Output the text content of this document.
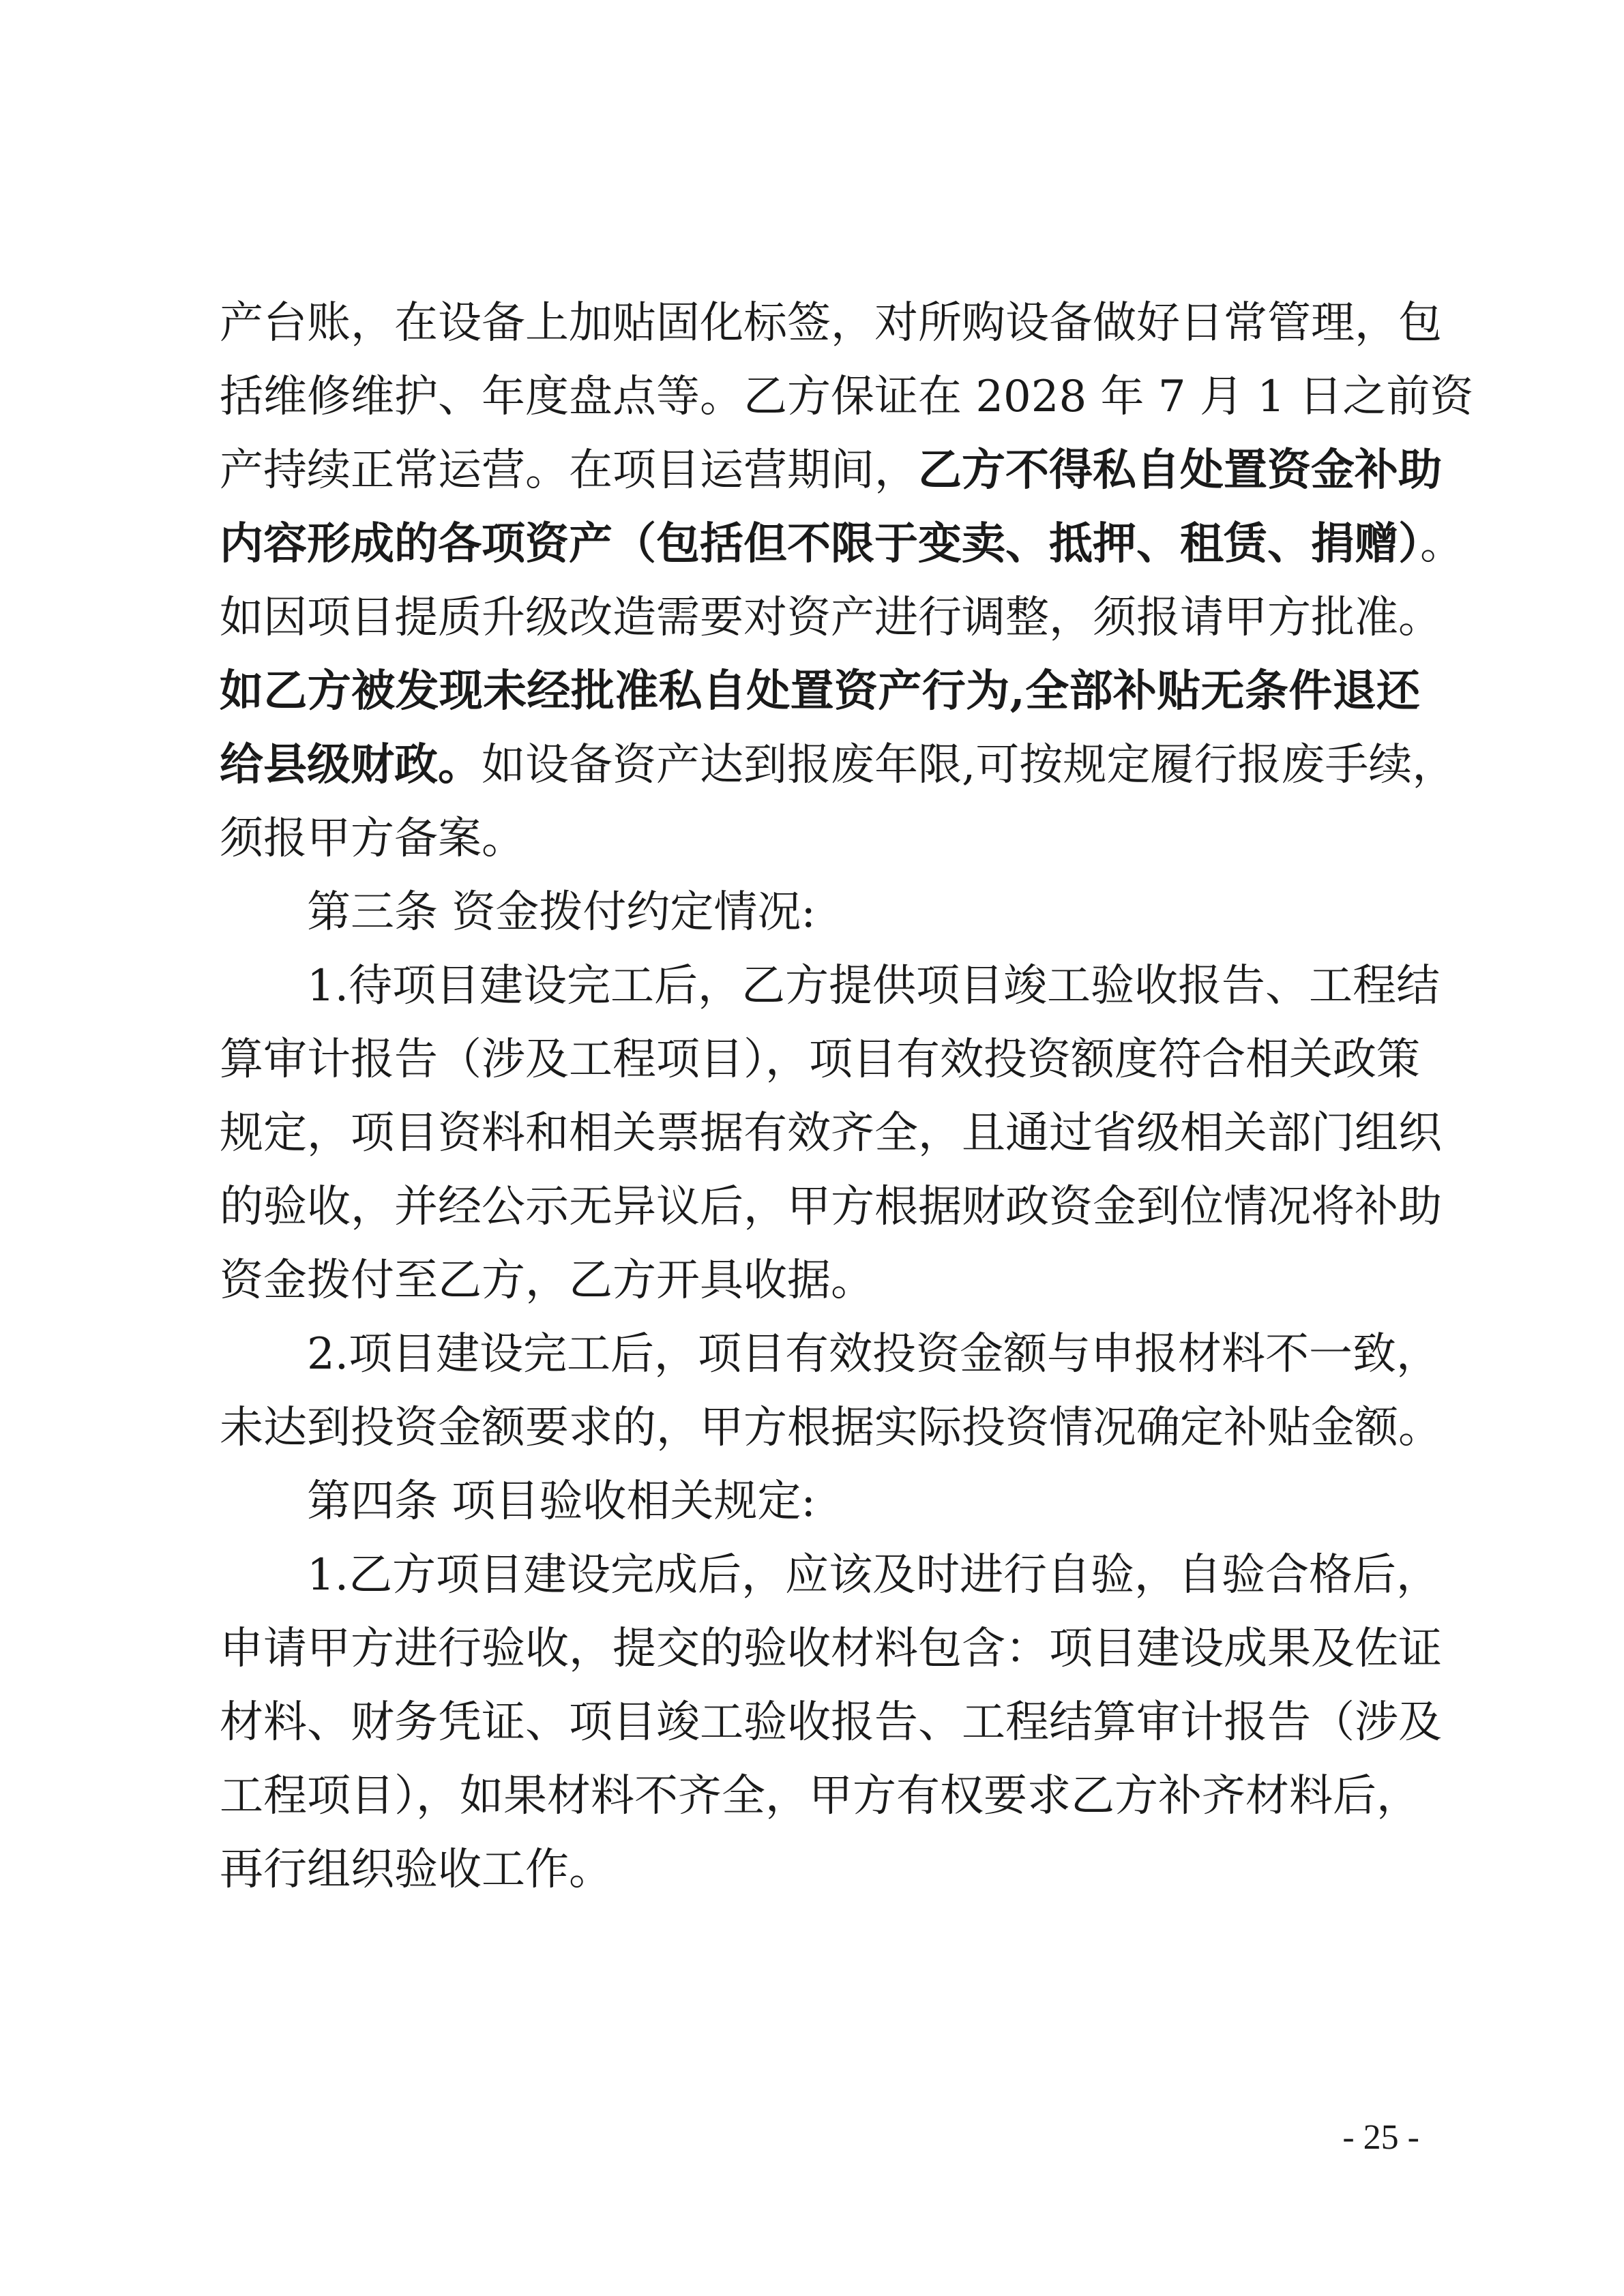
产台账，在设备上加贴固化标签，对所购设备做好日常管理，包
括维修维护、年度盘点等。乙方保证在 2028 年 7 月 1 日之前资
产持续正常运营。在项目运营期间，乙方不得私自处置资金补助
内容形成的各项资产（包括但不限于变卖、抵押、租赁、捐赠）。
如因项目提质升级改造需要对资产进行调整，须报请甲方批准。
如乙方被发现未经批准私自处置资产行为,全部补贴无条件退还
给县级财政。如设备资产达到报废年限,可按规定履行报废手续，
须报甲方备案。
第三条 资金拨付约定情况:
1.待项目建设完工后，乙方提供项目竣工验收报告、工程结
算审计报告（涉及工程项目），项目有效投资额度符合相关政策
规定，项目资料和相关票据有效齐全，且通过省级相关部门组织
的验收，并经公示无异议后，甲方根据财政资金到位情况将补助
资金拨付至乙方，乙方开具收据。
2.项目建设完工后，项目有效投资金额与申报材料不一致，
未达到投资金额要求的，甲方根据实际投资情况确定补贴金额。
第四条 项目验收相关规定:
1.乙方项目建设完成后，应该及时进行自验，自验合格后，
申请甲方进行验收，提交的验收材料包含：项目建设成果及佐证
材料、财务凭证、项目竣工验收报告、工程结算审计报告（涉及
工程项目），如果材料不齐全，甲方有权要求乙方补齐材料后，
再行组织验收工作。
- 25 -
